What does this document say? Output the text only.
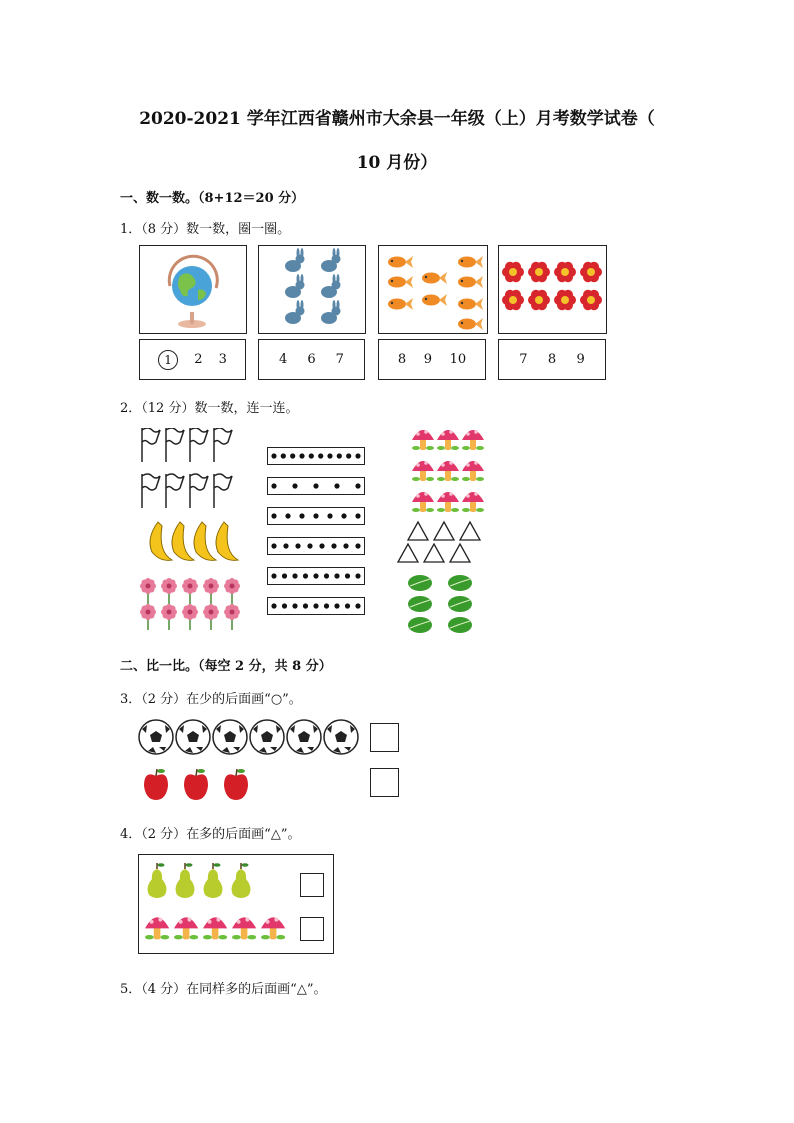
2020-2021 学年江西省赣州市大余县一年级（上）月考数学试卷（
10 月份）
一、数一数。（8+12＝20 分）
1．（8 分）数一数，圈一圈。
1	2 3	4 6 7	8 9 10	7 8 9
2．（12 分）数一数，连一连。
二、比一比。（每空 2 分，共 8 分）
3．（2 分）在少的后面画“○”。
4．（2 分）在多的后面画“△”。
5．（4 分）在同样多的后面画“△”。
